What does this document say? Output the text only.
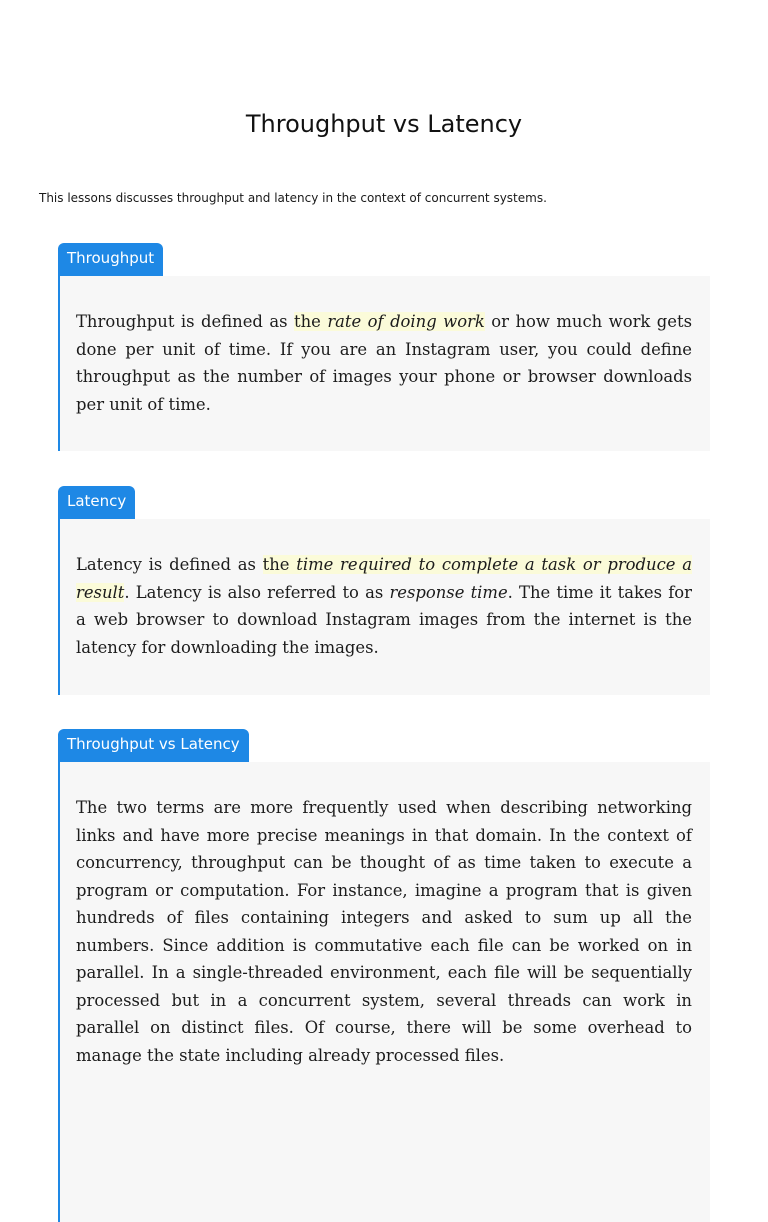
Throughput vs Latency

This lessons discusses throughput and latency in the context of concurrent systems.

Throughput

Throughput is defined as the rate of doing work or how much work gets done per unit of time. If you are an Instagram user, you could define throughput as the number of images your phone or browser downloads per unit of time.

Latency

Latency is defined as the time required to complete a task or produce a result. Latency is also referred to as response time. The time it takes for a web browser to download Instagram images from the internet is the latency for downloading the images.

Throughput vs Latency

The two terms are more frequently used when describing networking links and have more precise meanings in that domain. In the context of concurrency, throughput can be thought of as time taken to execute a program or computation. For instance, imagine a program that is given hundreds of files containing integers and asked to sum up all the numbers. Since addition is commutative each file can be worked on in parallel. In a single-threaded environment, each file will be sequentially processed but in a concurrent system, several threads can work in parallel on distinct files. Of course, there will be some overhead to manage the state including already processed files.
